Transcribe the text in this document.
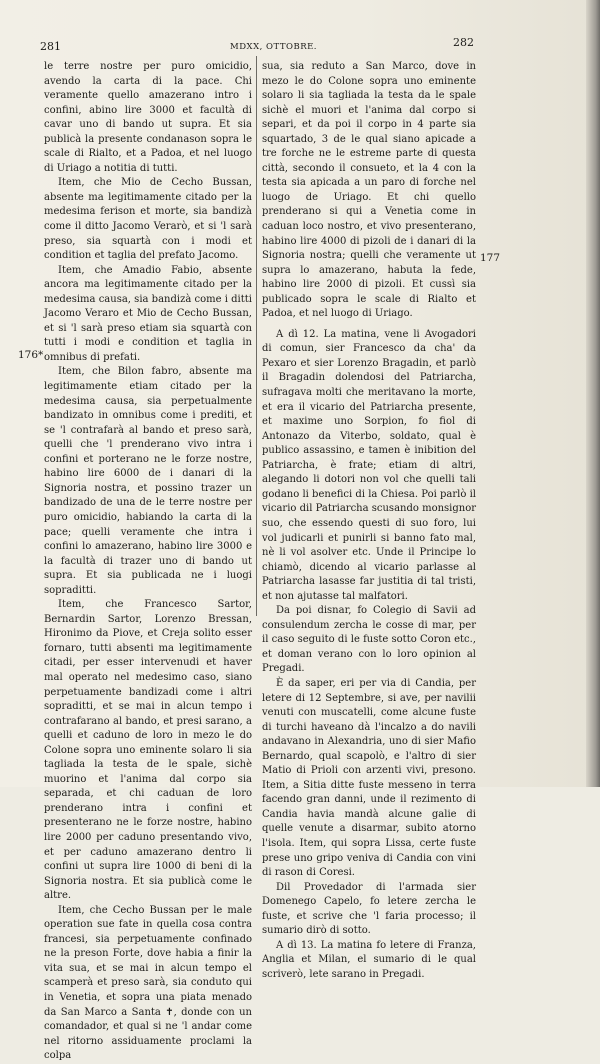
281	MDXX, OTTOBRE.	282
176*
177

le terre nostre per puro omicidio, avendo la carta di la pace. Chi veramente quello amazerano intro i confini, abino lire 3000 et facultà di cavar uno di bando ut supra. Et sia publicà la presente condanason sopra le scale di Rialto, et a Padoa, et nel luogo di Uriago a notitia di tutti.

Item, che Mio de Cecho Bussan, absente ma legitimamente citado per la medesima ferison et morte, sia bandizà come il ditto Jacomo Verarò, et si 'l sarà preso, sia squartà con i modi et condition et taglia del prefato Jacomo.

Item, che Amadio Fabio, absente ancora ma legitimamente citado per la medesima causa, sia bandizà come i ditti Jacomo Veraro et Mio de Cecho Bussan, et si 'l sarà preso etiam sia squartà con tutti i modi e condition et taglia in omnibus di prefati.

Item, che Bilon fabro, absente ma legitimamente etiam citado per la medesima causa, sia perpetualmente bandizato in omnibus come i prediti, et se 'l contrafarà al bando et preso sarà, quelli che 'l prenderano vivo intra i confini et porterano ne le forze nostre, habino lire 6000 de i danari di la Signoria nostra, et possino trazer un bandizado de una de le terre nostre per puro omicidio, habiando la carta di la pace; quelli veramente che intra i confini lo amazerano, habino lire 3000 e la facultà di trazer uno di bando ut supra. Et sia publicada ne i luogi sopraditti.

Item, che Francesco Sartor, Bernardin Sartor, Lorenzo Bressan, Hironimo da Piove, et Creja solito esser fornaro, tutti absenti ma legitimamente citadi, per esser intervenudi et haver mal operato nel medesimo caso, siano perpetuamente bandizadi come i altri sopraditti, et se mai in alcun tempo i contrafarano al bando, et presi sarano, a quelli et caduno de loro in mezo le do Colone sopra uno eminente solaro li sia tagliada la testa de le spale, sichè muorino et l'anima dal corpo sia separada, et chi caduan de loro prenderano intra i confini et presenterano ne le forze nostre, habino lire 2000 per caduno presentando vivo, et per caduno amazerano dentro li confini ut supra lire 1000 di beni di la Signoria nostra. Et sia publicà come le altre.

Item, che Cecho Bussan per le male operation sue fate in quella cosa contra francesi, sia perpetuamente confinado ne la preson Forte, dove habia a finir la vita sua, et se mai in alcun tempo el scamperà et preso sarà, sia conduto qui in Venetia, et sopra una piata menado da San Marco a Santa ✝, donde con un comandador, et qual si ne 'l andar come nel ritorno assiduamente proclami la colpa

sua, sia reduto a San Marco, dove in mezo le do Colone sopra uno eminente solaro li sia tagliada la testa da le spale sichè el muori et l'anima dal corpo si separi, et da poi il corpo in 4 parte sia squartado, 3 de le qual siano apicade a tre forche ne le estreme parte di questa città, secondo il consueto, et la 4 con la testa sia apicada a un paro di forche nel luogo de Uriago. Et chi quello prenderano si qui a Venetia come in caduan loco nostro, et vivo presenterano, habino lire 4000 di pizoli de i danari di la Signoria nostra; quelli che veramente ut supra lo amazerano, habuta la fede, habino lire 2000 di pizoli. Et cussì sia publicado sopra le scale di Rialto et Padoa, et nel luogo di Uriago.

A dì 12. La matina, vene li Avogadori di comun, sier Francesco da cha' da Pexaro et sier Lorenzo Bragadin, et parlò il Bragadin dolendosi del Patriarcha, sufragava molti che meritavano la morte, et era il vicario del Patriarcha presente, et maxime uno Sorpion, fo fiol di Antonazo da Viterbo, soldato, qual è publico assassino, e tamen è inibition del Patriarcha, è frate; etiam di altri, alegando li dotori non vol che quelli tali godano li benefici di la Chiesa. Poi parlò il vicario dil Patriarcha scusando monsignor suo, che essendo questi di suo foro, lui vol judicarli et punirli si banno fato mal, nè li vol asolver etc. Unde il Principe lo chiamò, dicendo al vicario parlasse al Patriarcha lasasse far justitia di tal tristi, et non ajutasse tal malfatori.

Da poi disnar, fo Colegio di Savii ad consulendum zercha le cosse di mar, per il caso seguito di le fuste sotto Coron etc., et doman verano con lo loro opinion al Pregadi.

È da saper, eri per via di Candia, per letere di 12 Septembre, si ave, per navilii venuti con muscatelli, come alcune fuste di turchi haveano dà l'incalzo a do navili andavano in Alexandria, uno di sier Mafio Bernardo, qual scapolò, e l'altro di sier Matio di Prioli con arzenti vivi, presono. Item, a Sitia ditte fuste messeno in terra facendo gran danni, unde il rezimento di Candia havia mandà alcune galie di quelle venute a disarmar, subito atorno l'isola. Item, qui sopra Lissa, certe fuste prese uno gripo veniva di Candia con vini di rason di Coresi.

Dil Provedador di l'armada sier Domenego Capelo, fo letere zercha le fuste, et scrive che 'l faria processo; il sumario dirò di sotto.

A dì 13. La matina fo letere di Franza, Anglia et Milan, el sumario di le qual scriverò, lete sarano in Pregadi.
